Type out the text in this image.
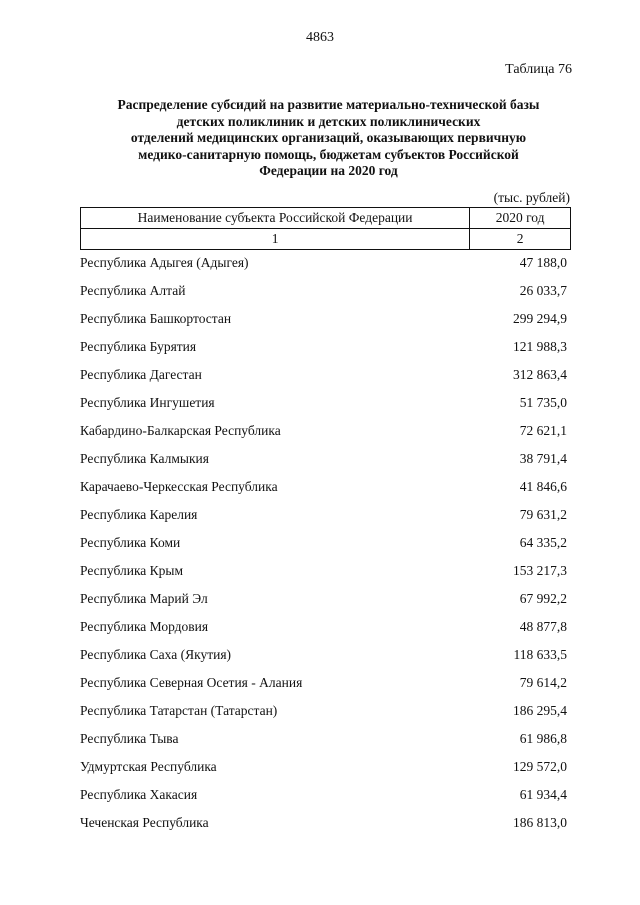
4863
Таблица 76
Распределение субсидий на развитие материально-технической базы
детских поликлиник и детских поликлинических
отделений медицинских организаций, оказывающих первичную
медико-санитарную помощь, бюджетам субъектов Российской
Федерации на 2020 год
(тыс. рублей)
Наименование субъекта Российской Федерации	2020 год
1	2
Республика Адыгея (Адыгея)	47 188,0
Республика Алтай	26 033,7
Республика Башкортостан	299 294,9
Республика Бурятия	121 988,3
Республика Дагестан	312 863,4
Республика Ингушетия	51 735,0
Кабардино-Балкарская Республика	72 621,1
Республика Калмыкия	38 791,4
Карачаево-Черкесская Республика	41 846,6
Республика Карелия	79 631,2
Республика Коми	64 335,2
Республика Крым	153 217,3
Республика Марий Эл	67 992,2
Республика Мордовия	48 877,8
Республика Саха (Якутия)	118 633,5
Республика Северная Осетия - Алания	79 614,2
Республика Татарстан (Татарстан)	186 295,4
Республика Тыва	61 986,8
Удмуртская Республика	129 572,0
Республика Хакасия	61 934,4
Чеченская Республика	186 813,0
